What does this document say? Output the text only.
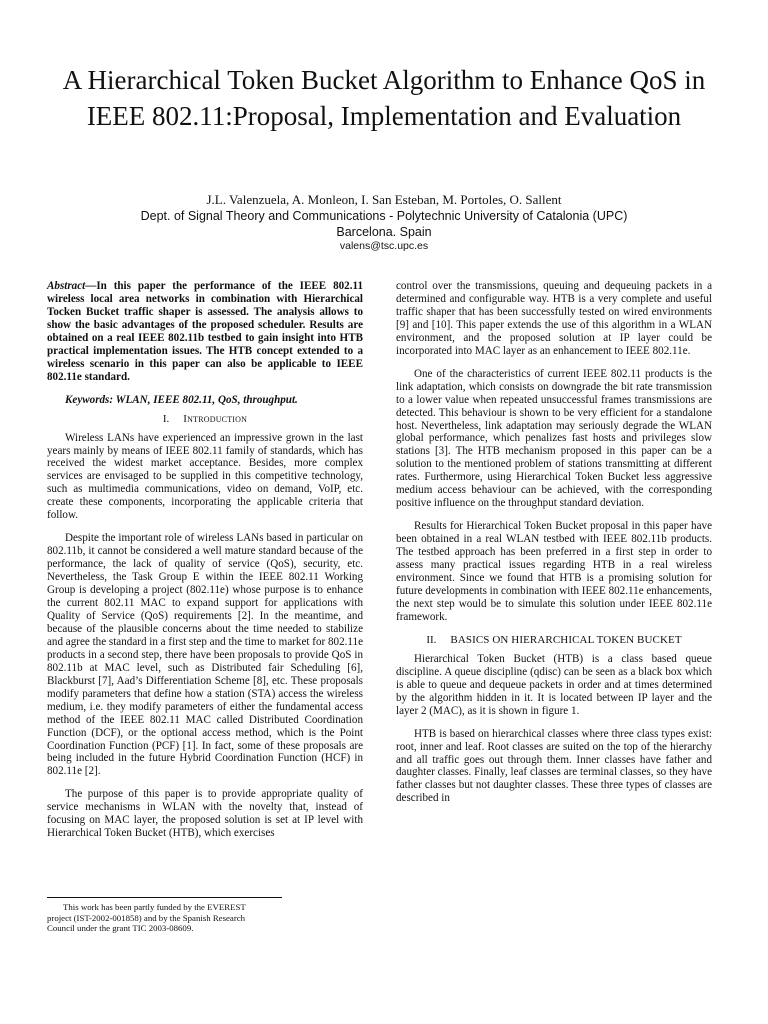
A Hierarchical Token Bucket Algorithm to Enhance QoS in IEEE 802.11:Proposal, Implementation and Evaluation
J.L. Valenzuela, A. Monleon, I. San Esteban, M. Portoles, O. Sallent
Dept. of Signal Theory and Communications - Polytechnic University of Catalonia (UPC)
Barcelona. Spain
valens@tsc.upc.es

Abstract—In this paper the performance of the IEEE 802.11 wireless local area networks in combination with Hierarchical Tocken Bucket traffic shaper is assessed. The analysis allows to show the basic advantages of the proposed scheduler. Results are obtained on a real IEEE 802.11b testbed to gain insight into HTB practical implementation issues. The HTB concept extended to a wireless scenario in this paper can also be applicable to IEEE 802.11e standard.

Keywords: WLAN, IEEE 802.11, QoS, throughput.

I. Introduction

Wireless LANs have experienced an impressive grown in the last years mainly by means of IEEE 802.11 family of standards, which has received the widest market acceptance. Besides, more complex services are envisaged to be supplied in this competitive technology, such as multimedia communications, video on demand, VoIP, etc. create these components, incorporating the applicable criteria that follow.

Despite the important role of wireless LANs based in particular on 802.11b, it cannot be considered a well mature standard because of the performance, the lack of quality of service (QoS), security, etc. Nevertheless, the Task Group E within the IEEE 802.11 Working Group is developing a project (802.11e) whose purpose is to enhance the current 802.11 MAC to expand support for applications with Quality of Service (QoS) requirements [2]. In the meantime, and because of the plausible concerns about the time needed to stabilize and agree the standard in a first step and the time to market for 802.11e products in a second step, there have been proposals to provide QoS in 802.11b at MAC level, such as Distributed fair Scheduling [6], Blackburst [7], Aad’s Differentiation Scheme [8], etc. These proposals modify parameters that define how a station (STA) access the wireless medium, i.e. they modify parameters of either the fundamental access method of the IEEE 802.11 MAC called Distributed Coordination Function (DCF), or the optional access method, which is the Point Coordination Function (PCF) [1]. In fact, some of these proposals are being included in the future Hybrid Coordination Function (HCF) in 802.11e [2].

The purpose of this paper is to provide appropriate quality of service mechanisms in WLAN with the novelty that, instead of focusing on MAC layer, the proposed solution is set at IP level with Hierarchical Token Bucket (HTB), which exercises

control over the transmissions, queuing and dequeuing packets in a determined and configurable way. HTB is a very complete and useful traffic shaper that has been successfully tested on wired environments [9] and [10]. This paper extends the use of this algorithm in a WLAN environment, and the proposed solution at IP layer could be incorporated into MAC layer as an enhancement to IEEE 802.11e.

One of the characteristics of current IEEE 802.11 products is the link adaptation, which consists on downgrade the bit rate transmission to a lower value when repeated unsuccessful frames transmissions are detected. This behaviour is shown to be very efficient for a standalone host. Nevertheless, link adaptation may seriously degrade the WLAN global performance, which penalizes fast hosts and privileges slow stations [3]. The HTB mechanism proposed in this paper can be a solution to the mentioned problem of stations transmitting at different rates. Furthermore, using Hierarchical Token Bucket less aggressive medium access behaviour can be achieved, with the corresponding positive influence on the throughput standard deviation.

Results for Hierarchical Token Bucket proposal in this paper have been obtained in a real WLAN testbed with IEEE 802.11b products. The testbed approach has been preferred in a first step in order to assess many practical issues regarding HTB in a real wireless environment. Since we found that HTB is a promising solution for future developments in combination with IEEE 802.11e enhancements, the next step would be to simulate this solution under IEEE 802.11e framework.

II. BASICS ON HIERARCHICAL TOKEN BUCKET

Hierarchical Token Bucket (HTB) is a class based queue discipline. A queue discipline (qdisc) can be seen as a black box which is able to queue and dequeue packets in order and at times determined by the algorithm hidden in it. It is located between IP layer and the layer 2 (MAC), as it is shown in figure 1.

HTB is based on hierarchical classes where three class types exist: root, inner and leaf. Root classes are suited on the top of the hierarchy and all traffic goes out through them. Inner classes have father and daughter classes. Finally, leaf classes are terminal classes, so they have father classes but not daughter classes. These three types of classes are described in

This work has been partly funded by the EVEREST
project (IST-2002-001858) and by the Spanish Research
Council under the grant TIC 2003-08609.
